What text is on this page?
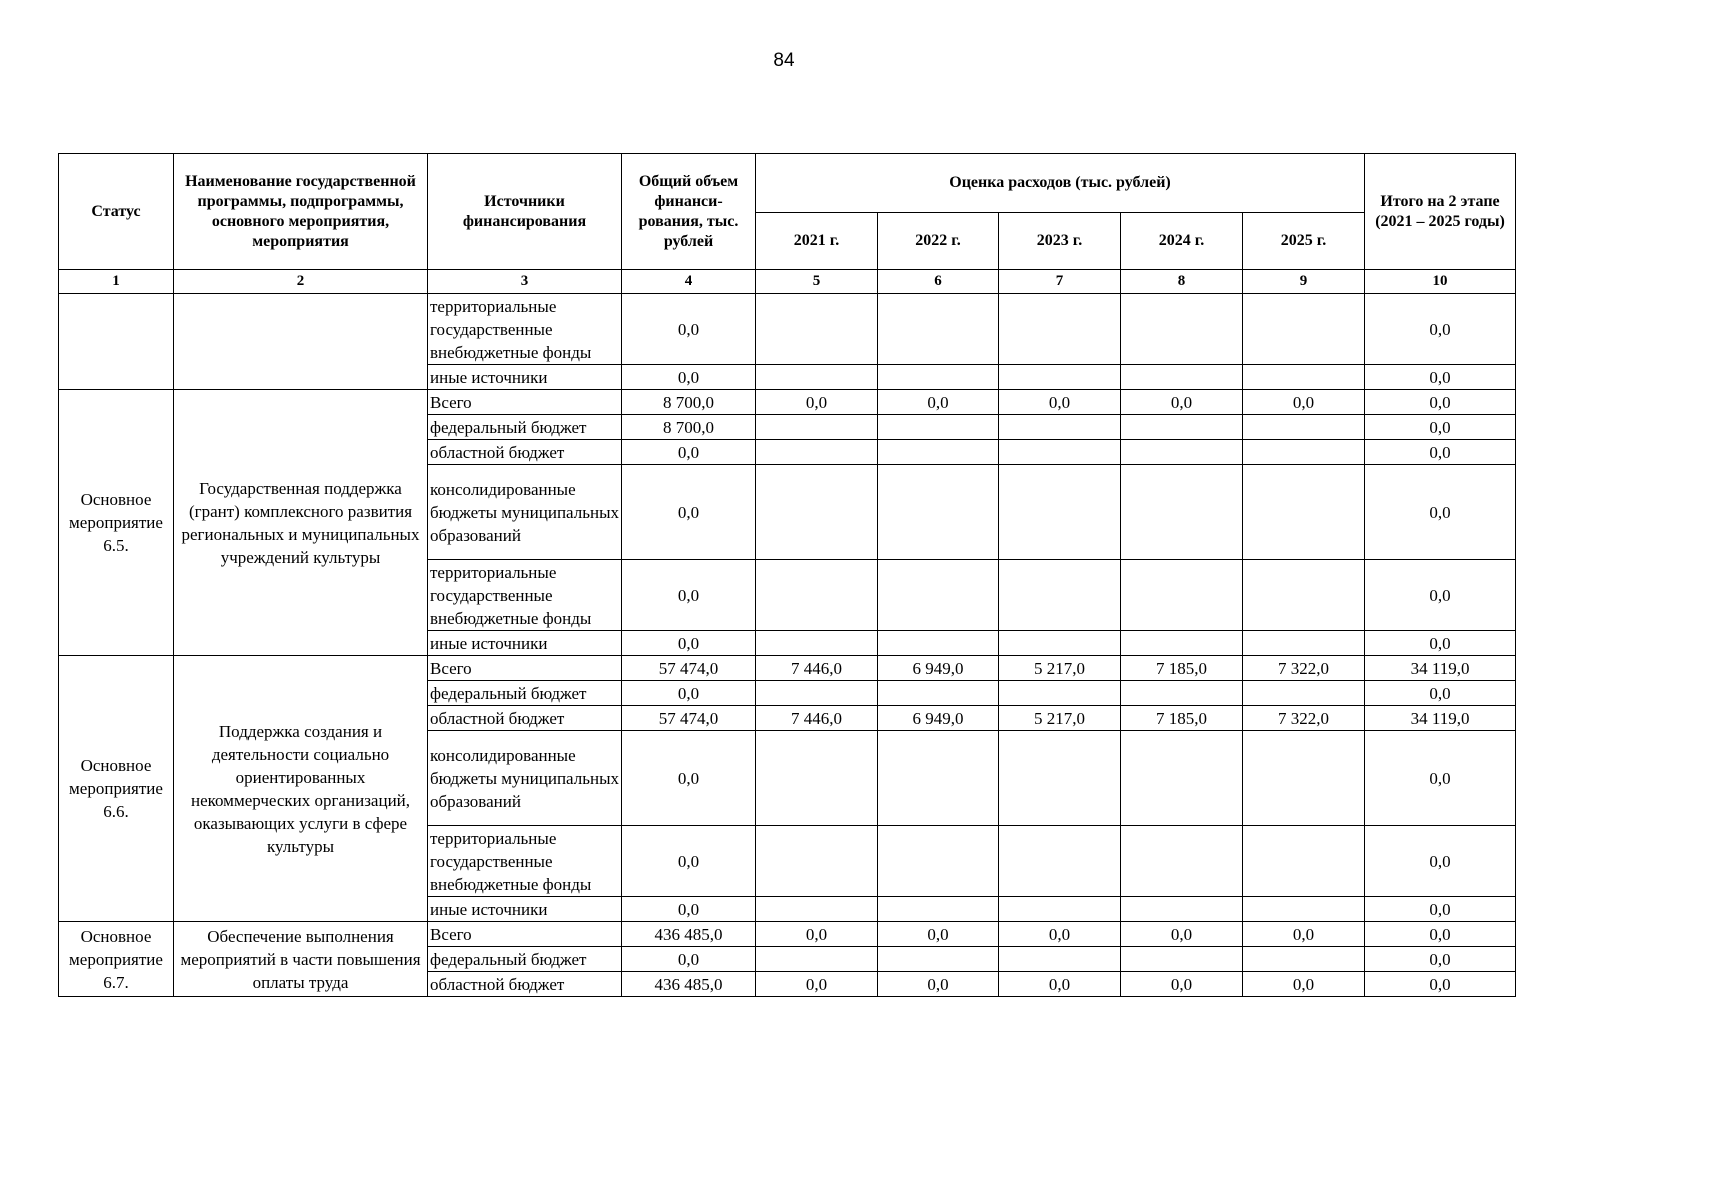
84
Статус	Наименование государственной программы, подпрограммы, основного мероприятия, мероприятия	Источники финансирования	Общий объем финанси-рования, тыс. рублей	Оценка расходов (тыс. рублей)					Итого на 2 этапе (2021 – 2025 годы)
				2021 г.	2022 г.	2023 г.	2024 г.	2025 г.	
1	2	3	4	5	6	7	8	9	10
		территориальные государственные внебюджетные фонды	0,0						0,0
		иные источники	0,0						0,0
Основное мероприятие 6.5.	Государственная поддержка (грант) комплексного развития региональных и муниципальных учреждений культуры	Всего	8 700,0	0,0	0,0	0,0	0,0	0,0	0,0
		федеральный бюджет	8 700,0						0,0
		областной бюджет	0,0						0,0
		консолидированные бюджеты муниципальных образований	0,0						0,0
		территориальные государственные внебюджетные фонды	0,0						0,0
		иные источники	0,0						0,0
Основное мероприятие 6.6.	Поддержка создания и деятельности социально ориентированных некоммерческих организаций, оказывающих услуги в сфере культуры	Всего	57 474,0	7 446,0	6 949,0	5 217,0	7 185,0	7 322,0	34 119,0
		федеральный бюджет	0,0						0,0
		областной бюджет	57 474,0	7 446,0	6 949,0	5 217,0	7 185,0	7 322,0	34 119,0
		консолидированные бюджеты муниципальных образований	0,0						0,0
		территориальные государственные внебюджетные фонды	0,0						0,0
		иные источники	0,0						0,0
Основное мероприятие 6.7.	Обеспечение выполнения мероприятий в части повышения оплаты труда	Всего	436 485,0	0,0	0,0	0,0	0,0	0,0	0,0
		федеральный бюджет	0,0						0,0
		областной бюджет	436 485,0	0,0	0,0	0,0	0,0	0,0	0,0
